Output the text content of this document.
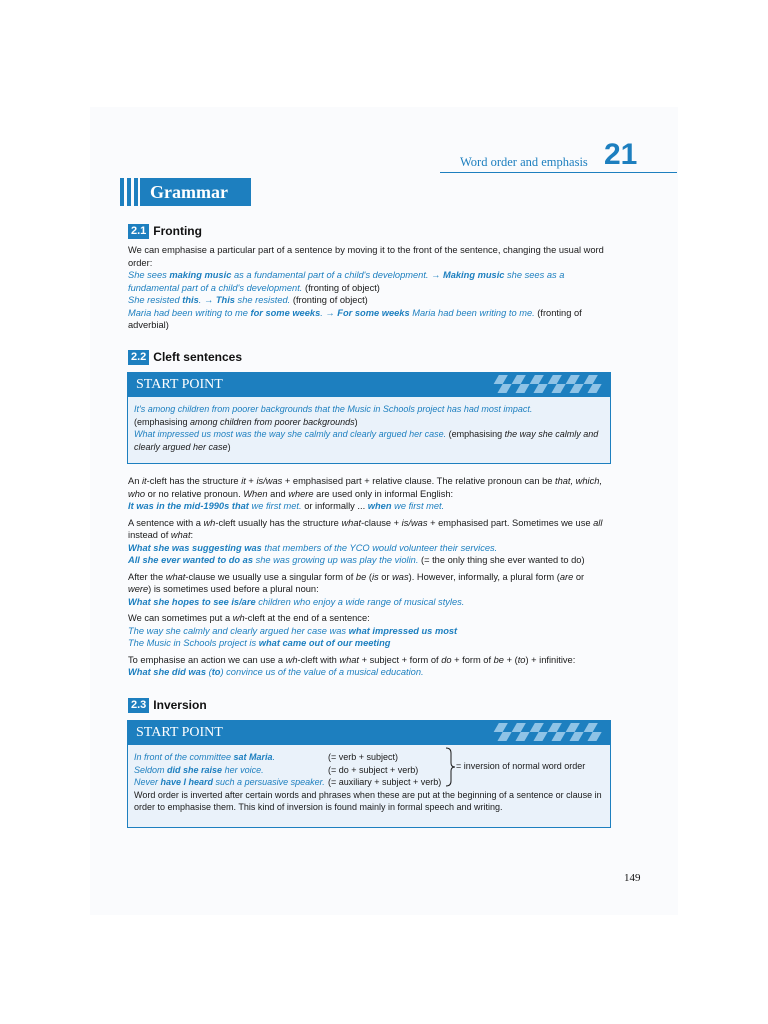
Word order and emphasis 21
Grammar
2.1 Fronting

We can emphasise a particular part of a sentence by moving it to the front of the sentence, changing the usual word order:

She sees making music as a fundamental part of a child's development. → Making music she sees as a fundamental part of a child's development. (fronting of object)

She resisted this. → This she resisted. (fronting of object)

Maria had been writing to me for some weeks. → For some weeks Maria had been writing to me. (fronting of adverbial)

2.2 Cleft sentences
START POINT

It's among children from poorer backgrounds that the Music in Schools project has had most impact.

(emphasising among children from poorer backgrounds)

What impressed us most was the way she calmly and clearly argued her case. (emphasising the way she calmly and clearly argued her case)

An it-cleft has the structure it + is/was + emphasised part + relative clause. The relative pronoun can be that, which, who or no relative pronoun. When and where are used only in informal English:

It was in the mid-1990s that we first met. or informally ... when we first met.

A sentence with a wh-cleft usually has the structure what-clause + is/was + emphasised part. Sometimes we use all instead of what:

What she was suggesting was that members of the YCO would volunteer their services.

All she ever wanted to do as she was growing up was play the violin. (= the only thing she ever wanted to do)

After the what-clause we usually use a singular form of be (is or was). However, informally, a plural form (are or were) is sometimes used before a plural noun:

What she hopes to see is/are children who enjoy a wide range of musical styles.

We can sometimes put a wh-cleft at the end of a sentence:

The way she calmly and clearly argued her case was what impressed us most

The Music in Schools project is what came out of our meeting

To emphasise an action we can use a wh-cleft with what + subject + form of do + form of be + (to) + infinitive:

What she did was (to) convince us of the value of a musical education.

2.3 Inversion
START POINT
In front of the committee sat Maria.	(= verb + subject)
Seldom did she raise her voice.	(= do + subject + verb)
Never have I heard such a persuasive speaker. (= auxiliary + subject + verb)

Word order is inverted after certain words and phrases when these are put at the beginning of a sentence or clause in order to emphasise them. This kind of inversion is found mainly in formal speech and writing.

= inversion of normal word order
149
